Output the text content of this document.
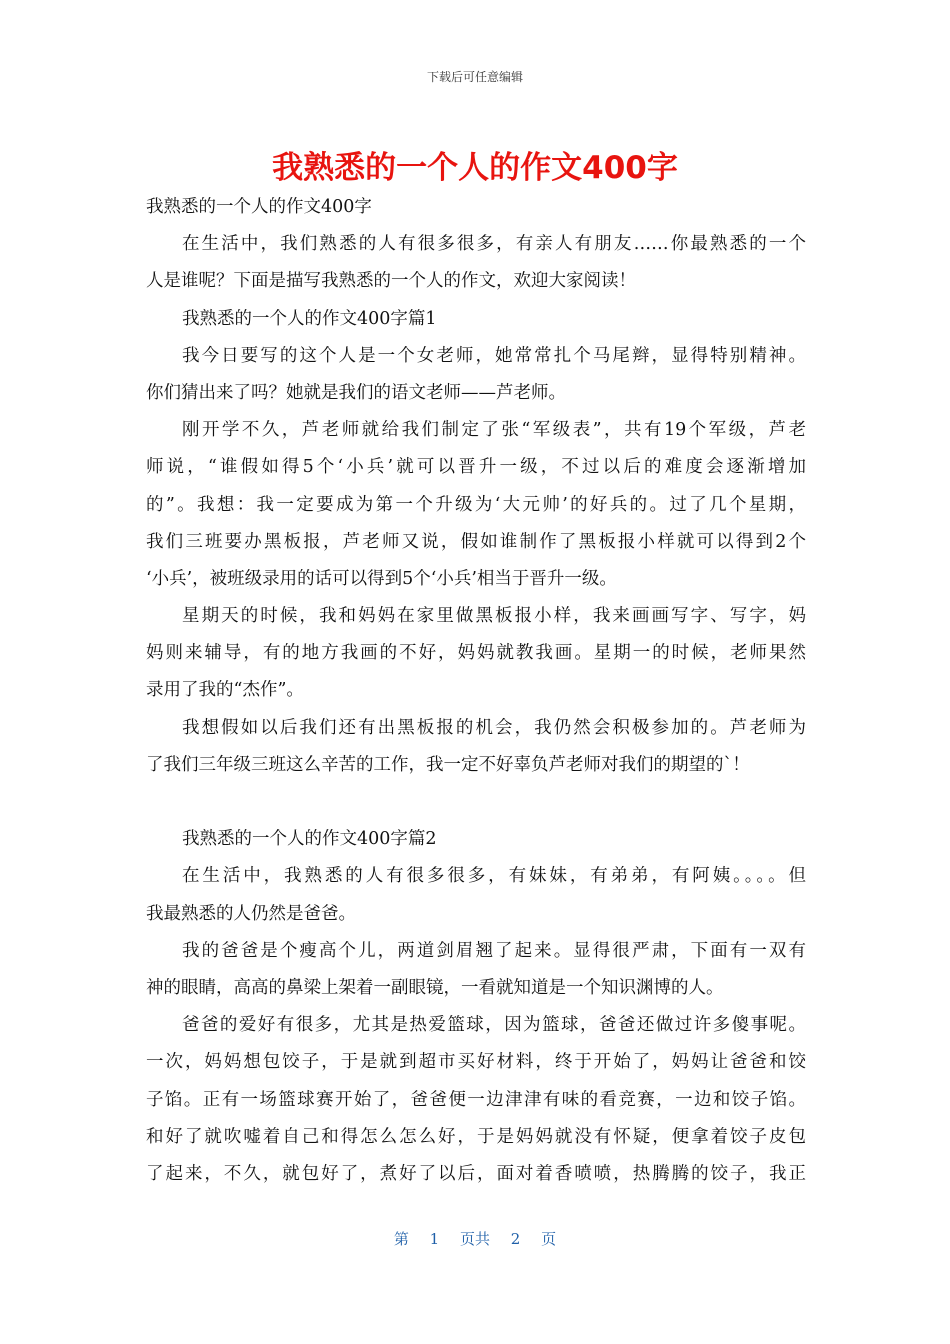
下载后可任意编辑
我熟悉的一个人的作文400字
我熟悉的一个人的作文400字
在生活中，我们熟悉的人有很多很多，有亲人有朋友……你最熟悉的一个
人是谁呢？下面是描写我熟悉的一个人的作文，欢迎大家阅读！
我熟悉的一个人的作文400字篇1
我今日要写的这个人是一个女老师，她常常扎个马尾辫，显得特别精神。
你们猜出来了吗？她就是我们的语文老师——芦老师。
刚开学不久，芦老师就给我们制定了张“军级表”，共有19个军级，芦老
师说，“谁假如得5个‘小兵’就可以晋升一级，不过以后的难度会逐渐增加
的”。我想：我一定要成为第一个升级为‘大元帅’的好兵的。过了几个星期，
我们三班要办黑板报，芦老师又说，假如谁制作了黑板报小样就可以得到2个
‘小兵’，被班级录用的话可以得到5个‘小兵’相当于晋升一级。
星期天的时候，我和妈妈在家里做黑板报小样，我来画画写字、写字，妈
妈则来辅导，有的地方我画的不好，妈妈就教我画。星期一的时候，老师果然
录用了我的“杰作”。
我想假如以后我们还有出黑板报的机会，我仍然会积极参加的。芦老师为
了我们三年级三班这么辛苦的工作，我一定不好辜负芦老师对我们的期望的`！
我熟悉的一个人的作文400字篇2
在生活中，我熟悉的人有很多很多，有妹妹，有弟弟，有阿姨。。。。但
我最熟悉的人仍然是爸爸。
我的爸爸是个瘦高个儿，两道剑眉翘了起来。显得很严肃，下面有一双有
神的眼睛，高高的鼻梁上架着一副眼镜，一看就知道是一个知识渊博的人。
爸爸的爱好有很多，尤其是热爱篮球，因为篮球，爸爸还做过许多傻事呢。
一次，妈妈想包饺子，于是就到超市买好材料，终于开始了，妈妈让爸爸和饺
子馅。正有一场篮球赛开始了，爸爸便一边津津有味的看竞赛，一边和饺子馅。
和好了就吹嘘着自己和得怎么怎么好，于是妈妈就没有怀疑，便拿着饺子皮包
了起来，不久，就包好了，煮好了以后，面对着香喷喷，热腾腾的饺子，我正
第 1 页共 2 页
